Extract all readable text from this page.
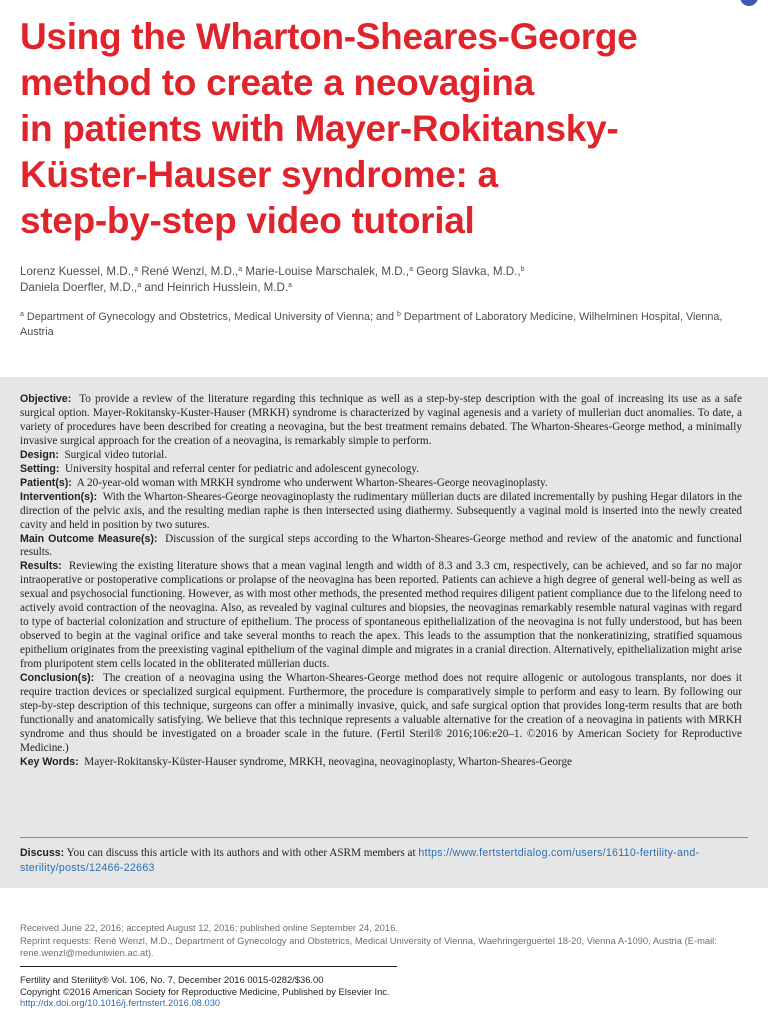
Using the Wharton-Sheares-George
method to create a neovagina
in patients with Mayer-Rokitansky-
Küster-Hauser syndrome: a
step-by-step video tutorial
Lorenz Kuessel, M.D.,$^a$ René Wenzl, M.D.,$^a$ Marie-Louise Marschalek, M.D.,$^a$ Georg Slavka, M.D.,$^b$
Daniela Doerfler, M.D.,$^a$ and Heinrich Husslein, M.D.$^a$
$^a$ Department of Gynecology and Obstetrics, Medical University of Vienna; and $^b$ Department of Laboratory Medicine, Wilhelminen Hospital, Vienna, Austria

Objective: To provide a review of the literature regarding this technique as well as a step-by-step description with the goal of increasing its use as a safe surgical option. Mayer-Rokitansky-Kuster-Hauser (MRKH) syndrome is characterized by vaginal agenesis and a variety of mullerian duct anomalies. To date, a variety of procedures have been described for creating a neovagina, but the best treatment remains debated. The Wharton-Sheares-George method, a minimally invasive surgical approach for the creation of a neovagina, is remarkably simple to perform.

Design: Surgical video tutorial.

Setting: University hospital and referral center for pediatric and adolescent gynecology.

Patient(s): A 20-year-old woman with MRKH syndrome who underwent Wharton-Sheares-George neovaginoplasty.

Intervention(s): With the Wharton-Sheares-George neovaginoplasty the rudimentary müllerian ducts are dilated incrementally by pushing Hegar dilators in the direction of the pelvic axis, and the resulting median raphe is then intersected using diathermy. Subsequently a vaginal mold is inserted into the newly created cavity and held in position by two sutures.

Main Outcome Measure(s): Discussion of the surgical steps according to the Wharton-Sheares-George method and review of the anatomic and functional results.

Results: Reviewing the existing literature shows that a mean vaginal length and width of 8.3 and 3.3 cm, respectively, can be achieved, and so far no major intraoperative or postoperative complications or prolapse of the neovagina has been reported. Patients can achieve a high degree of general well-being as well as sexual and psychosocial functioning. However, as with most other methods, the presented method requires diligent patient compliance due to the lifelong need to actively avoid contraction of the neovagina. Also, as revealed by vaginal cultures and biopsies, the neovaginas remarkably resemble natural vaginas with regard to type of bacterial colonization and structure of epithelium. The process of spontaneous epithelialization of the neovagina is not fully understood, but has been observed to begin at the vaginal orifice and take several months to reach the apex. This leads to the assumption that the nonkeratinizing, stratified squamous epithelium originates from the preexisting vaginal epithelium of the vaginal dimple and migrates in a cranial direction. Alternatively, epithelialization might arise from pluripotent stem cells located in the obliterated müllerian ducts.

Conclusion(s): The creation of a neovagina using the Wharton-Sheares-George method does not require allogenic or autologous transplants, nor does it require traction devices or specialized surgical equipment. Furthermore, the procedure is comparatively simple to perform and easy to learn. By following our step-by-step description of this technique, surgeons can offer a minimally invasive, quick, and safe surgical option that provides long-term results that are both functionally and anatomically satisfying. We believe that this technique represents a valuable alternative for the creation of a neovagina in patients with MRKH syndrome and thus should be investigated on a broader scale in the future. (Fertil Steril® 2016;106:e20–1. ©2016 by American Society for Reproductive Medicine.)

Key Words: Mayer-Rokitansky-Küster-Hauser syndrome, MRKH, neovagina, neovaginoplasty, Wharton-Sheares-George

Discuss: You can discuss this article with its authors and with other ASRM members at https://www.fertstertdialog.com/users/16110-fertility-and-sterility/posts/12466-22663

Received June 22, 2016; accepted August 12, 2016; published online September 24, 2016.

Reprint requests: René Wenzl, M.D., Department of Gynecology and Obstetrics, Medical University of Vienna, Waehringerguertel 18-20, Vienna A-1090, Austria (E-mail: rene.wenzl@meduniwien.ac.at).

Fertility and Sterility® Vol. 106, No. 7, December 2016 0015-0282/$36.00

Copyright ©2016 American Society for Reproductive Medicine, Published by Elsevier Inc.

http://dx.doi.org/10.1016/j.fertnstert.2016.08.030
